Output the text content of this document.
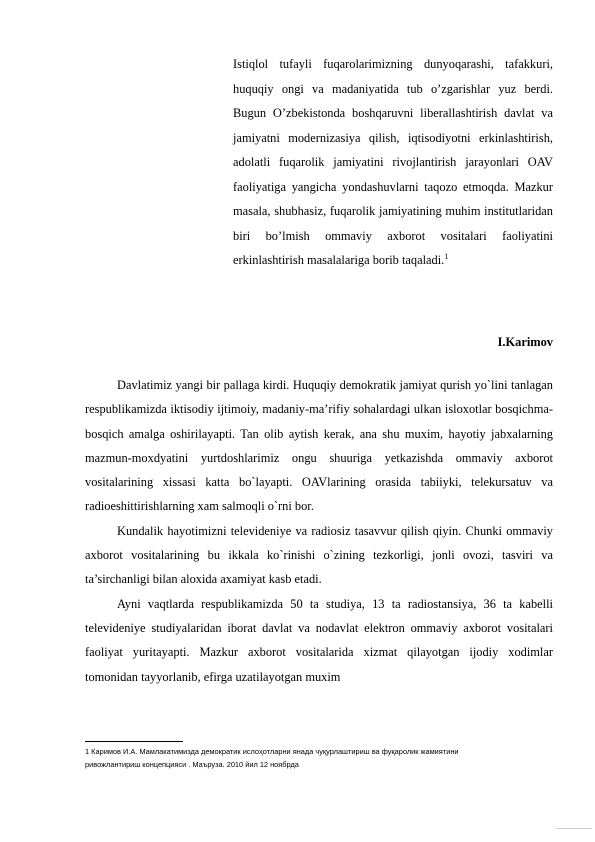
Istiqlol tufayli fuqarolarimizning dunyoqarashi, tafakkuri, huquqiy ongi va madaniyatida tub o’zgarishlar yuz berdi. Bugun O’zbekistonda boshqaruvni liberallashtirish davlat va jamiyatni modernizasiya qilish, iqtisodiyotni erkinlashtirish, adolatli fuqarolik jamiyatini rivojlantirish jarayonlari OAV faoliyatiga yangicha yondashuvlarni taqozo etmoqda. Mazkur masala, shubhasiz, fuqarolik jamiyatining muhim institutlaridan biri bo’lmish ommaviy axborot vositalari faoliyatini erkinlashtirish masalalariga borib taqaladi.$^1$
I.Karimov

Davlatimiz yangi bir pallaga kirdi. Huquqiy demokratik jamiyat qurish yo`lini tanlagan respublikamizda iktisodiy ijtimoiy, madaniy-ma’rifiy sohalardagi ulkan isloxotlar bosqichma-bosqich amalga oshirilayapti. Tan olib aytish kerak, ana shu muxim, hayotiy jabxalarning mazmun-moxdyatini yurtdoshlarimiz ongu shuuriga yetkazishda ommaviy axborot vositalarining xissasi katta bo`layapti. OAVlarining orasida tabiiyki, telekursatuv va radioeshittirishlarning xam salmoqli o`rni bor.

Kundalik hayotimizni televideniye va radiosiz tasavvur qilish qiyin. Chunki ommaviy axborot vositalarining bu ikkala ko`rinishi o`zining tezkorligi, jonli ovozi, tasviri va ta’sirchanligi bilan aloxida axamiyat kasb etadi.

Ayni vaqtlarda respublikamizda 50 ta studiya, 13 ta radiostansiya, 36 ta kabelli televideniye studiyalaridan iborat davlat va nodavlat elektron ommaviy axborot vositalari faoliyat yuritayapti. Mazkur axborot vositalarida xizmat qilayotgan ijodiy xodimlar tomonidan tayyorlanib, efirga uzatilayotgan muxim

1 Каримов И.А. Мамлакатимизда демократик ислоҳотларни янада чуқурлаштириш ва фуқаролик жамиятини
ривожлантириш концепцияси . Маъруза. 2010 йил 12 ноябрда
